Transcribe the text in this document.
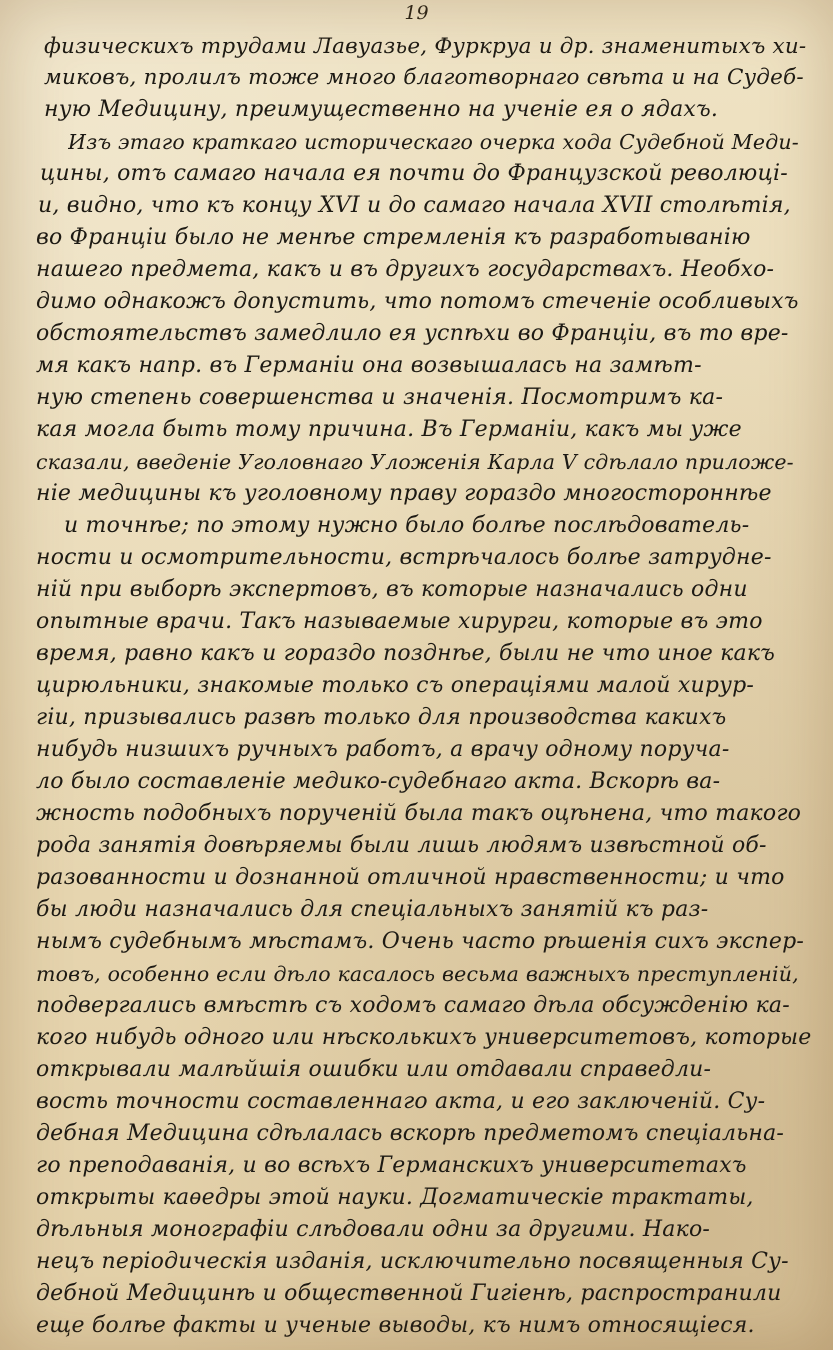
19
физическихъ трудами Лавуазье, Фуркруа и др. знаменитыхъ хи-
миковъ, пролилъ тоже много благотворнаго свѣта и на Судеб-
ную Медицину, преимущественно на ученіе ея о ядахъ.
Изъ этаго краткаго историческаго очерка хода Судебной Меди-
цины, отъ самаго начала ея почти до Французской революці-
и, видно, что къ концу XVI и до самаго начала XVII столѣтія,
во Франціи было не менѣе стремленія къ разработыванію
нашего предмета, какъ и въ другихъ государствахъ. Необхо-
димо однакожъ допустить, что потомъ стеченіе особливыхъ
обстоятельствъ замедлило ея успѣхи во Франціи, въ то вре-
мя какъ напр. въ Германіи она возвышалась на замѣт-
ную степень совершенства и значенія. Посмотримъ ка-
кая могла быть тому причина. Въ Германіи, какъ мы уже
сказали, введеніе Уголовнаго Уложенія Карла V сдѣлало приложе-
ніе медицины къ уголовному праву гораздо многостороннѣе
и точнѣе; по этому нужно было болѣе послѣдователь-
ности и осмотрительности, встрѣчалось болѣе затрудне-
ній при выборѣ экспертовъ, въ которые назначались одни
опытные врачи. Такъ называемые хирурги, которые въ это
время, равно какъ и гораздо позднѣе, были не что иное какъ
цирюльники, знакомые только съ операціями малой хирур-
гіи, призывались развѣ только для производства какихъ
нибудь низшихъ ручныхъ работъ, а врачу одному поруча-
ло было составленіе медико-судебнаго акта. Вскорѣ ва-
жность подобныхъ порученій была такъ оцѣнена, что такого
рода занятія довѣряемы были лишь людямъ извѣстной об-
разованности и дознанной отличной нравственности; и что
бы люди назначались для спеціальныхъ занятій къ раз-
нымъ судебнымъ мѣстамъ. Очень часто рѣшенія сихъ экспер-
товъ, особенно если дѣло касалось весьма важныхъ преступленій,
подвергались вмѣстѣ съ ходомъ самаго дѣла обсужденію ка-
кого нибудь одного или нѣсколькихъ университетовъ, которые
открывали малѣйшія ошибки или отдавали справедли-
вость точности составленнаго акта, и его заключеній. Су-
дебная Медицина сдѣлалась вскорѣ предметомъ спеціальна-
го преподаванія, и во всѣхъ Германскихъ университетахъ
открыты каѳедры этой науки. Догматическіе трактаты,
дѣльныя монографіи слѣдовали одни за другими. Нако-
нецъ періодическія изданія, исключительно посвященныя Су-
дебной Медицинѣ и общественной Гигіенѣ, распространили
еще болѣе факты и ученые выводы, къ нимъ относящіеся.
